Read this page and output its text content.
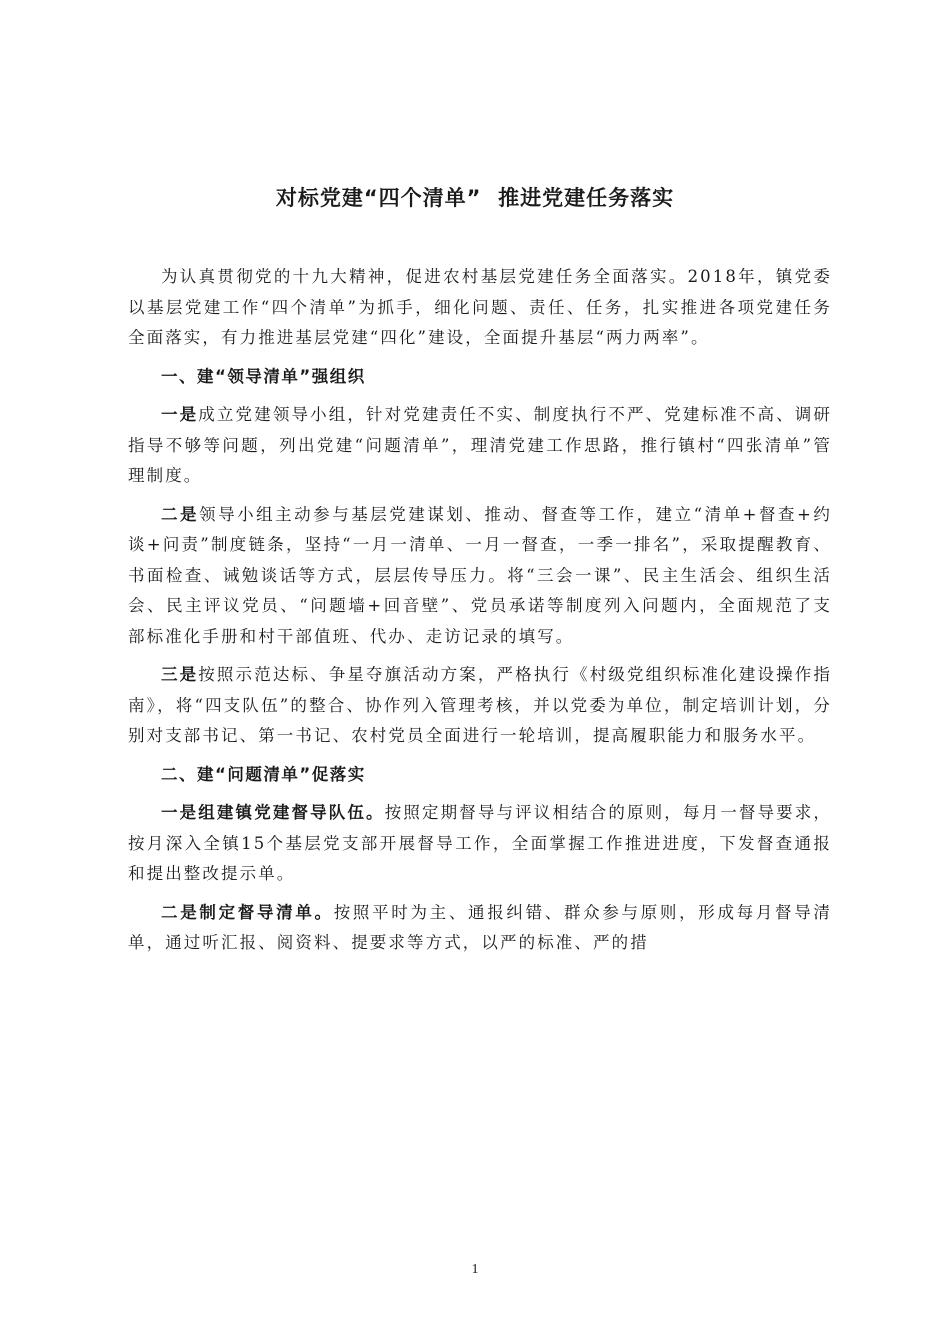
对标党建“四个清单”  推进党建任务落实

为认真贯彻党的十九大精神，促进农村基层党建任务全面落实。2018年，镇党委以基层党建工作“四个清单”为抓手，细化问题、责任、任务，扎实推进各项党建任务全面落实，有力推进基层党建“四化”建设，全面提升基层“两力两率”。

一、建“领导清单”强组织

一是成立党建领导小组，针对党建责任不实、制度执行不严、党建标准不高、调研指导不够等问题，列出党建“问题清单”，理清党建工作思路，推行镇村“四张清单”管理制度。

二是领导小组主动参与基层党建谋划、推动、督查等工作，建立“清单+督查+约谈+问责”制度链条，坚持“一月一清单、一月一督查，一季一排名”，采取提醒教育、书面检查、诫勉谈话等方式，层层传导压力。将“三会一课”、民主生活会、组织生活会、民主评议党员、“问题墙+回音壁”、党员承诺等制度列入问题内，全面规范了支部标准化手册和村干部值班、代办、走访记录的填写。

三是按照示范达标、争星夺旗活动方案，严格执行《村级党组织标准化建设操作指南》，将“四支队伍”的整合、协作列入管理考核，并以党委为单位，制定培训计划，分别对支部书记、第一书记、农村党员全面进行一轮培训，提高履职能力和服务水平。

二、建“问题清单”促落实

一是组建镇党建督导队伍。按照定期督导与评议相结合的原则，每月一督导要求，按月深入全镇15个基层党支部开展督导工作，全面掌握工作推进进度，下发督查通报和提出整改提示单。

二是制定督导清单。按照平时为主、通报纠错、群众参与原则，形成每月督导清单，通过听汇报、阅资料、提要求等方式，以严的标准、严的措

1
